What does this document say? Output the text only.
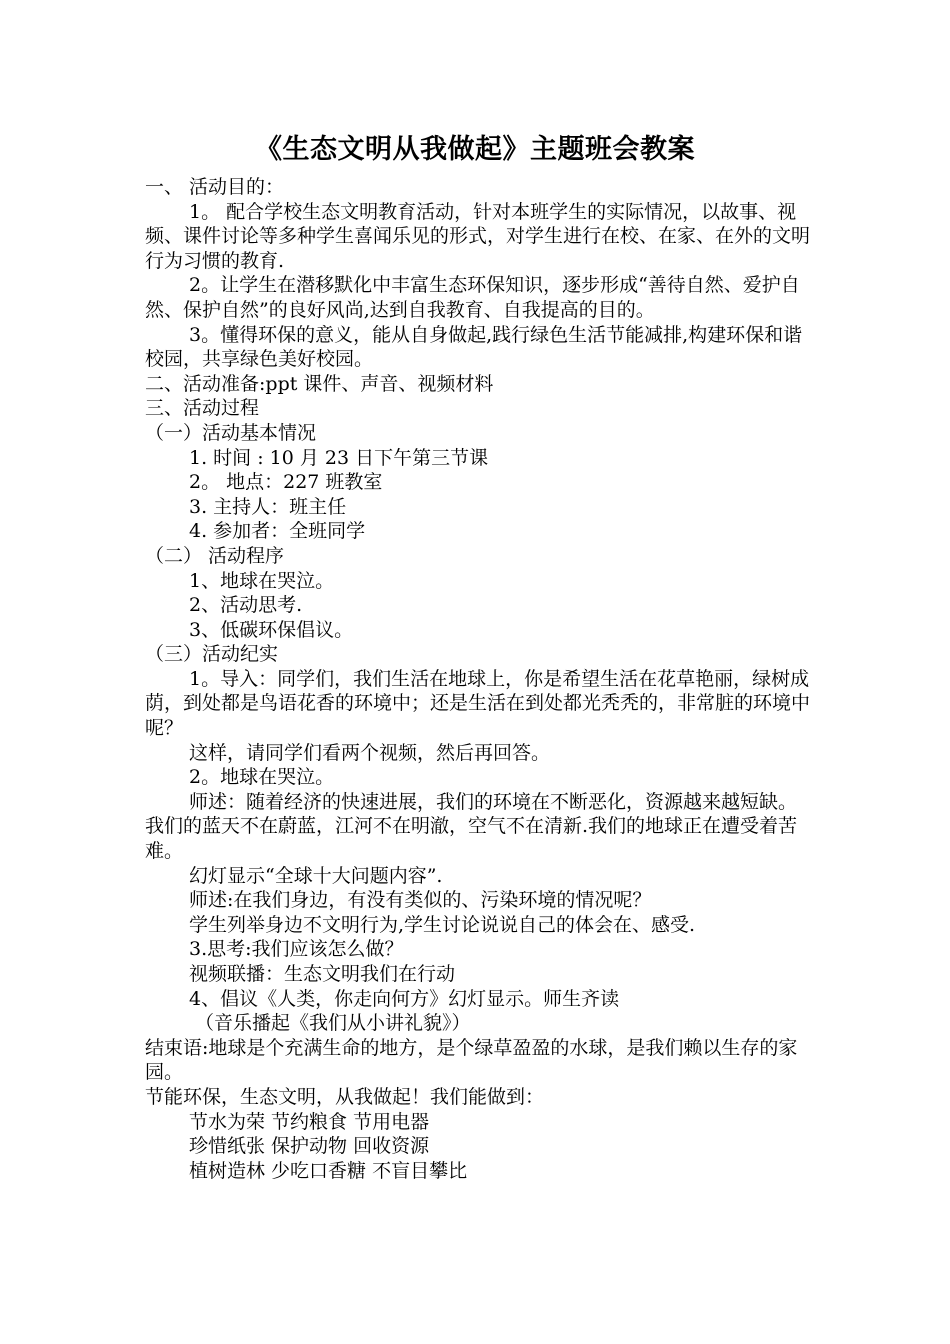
《生态文明从我做起》主题班会教案

一、 活动目的：

1。 配合学校生态文明教育活动，针对本班学生的实际情况，以故事、视频、课件讨论等多种学生喜闻乐见的形式，对学生进行在校、在家、在外的文明行为习惯的教育.

2。让学生在潜移默化中丰富生态环保知识，逐步形成“善待自然、爱护自然、保护自然”的良好风尚,达到自我教育、自我提高的目的。

3。懂得环保的意义，能从自身做起,践行绿色生活节能减排,构建环保和谐校园，共享绿色美好校园。

二、活动准备:ppt 课件、声音、视频材料

三、活动过程

（一）活动基本情况

1. 时间 : 10 月 23 日下午第三节课

2。 地点：227 班教室

3. 主持人：班主任

4. 参加者：全班同学

（二） 活动程序

1、地球在哭泣。

2、活动思考.

3、低碳环保倡议。

（三）活动纪实

1。导入：同学们，我们生活在地球上，你是希望生活在花草艳丽，绿树成荫，到处都是鸟语花香的环境中；还是生活在到处都光秃秃的，非常脏的环境中呢？

这样，请同学们看两个视频，然后再回答。

2。地球在哭泣。

师述：随着经济的快速进展，我们的环境在不断恶化，资源越来越短缺。我们的蓝天不在蔚蓝，江河不在明澈，空气不在清新.我们的地球正在遭受着苦难。

幻灯显示“全球十大问题内容”.

师述:在我们身边，有没有类似的、污染环境的情况呢？

学生列举身边不文明行为,学生讨论说说自己的体会在、感受.

3.思考:我们应该怎么做？

视频联播：生态文明我们在行动

4、倡议《人类，你走向何方》幻灯显示。师生齐读

（音乐播起《我们从小讲礼貌》）

结束语:地球是个充满生命的地方，是个绿草盈盈的水球，是我们赖以生存的家园。

节能环保，生态文明，从我做起！我们能做到：

节水为荣 节约粮食 节用电器

珍惜纸张 保护动物 回收资源

植树造林 少吃口香糖 不盲目攀比
